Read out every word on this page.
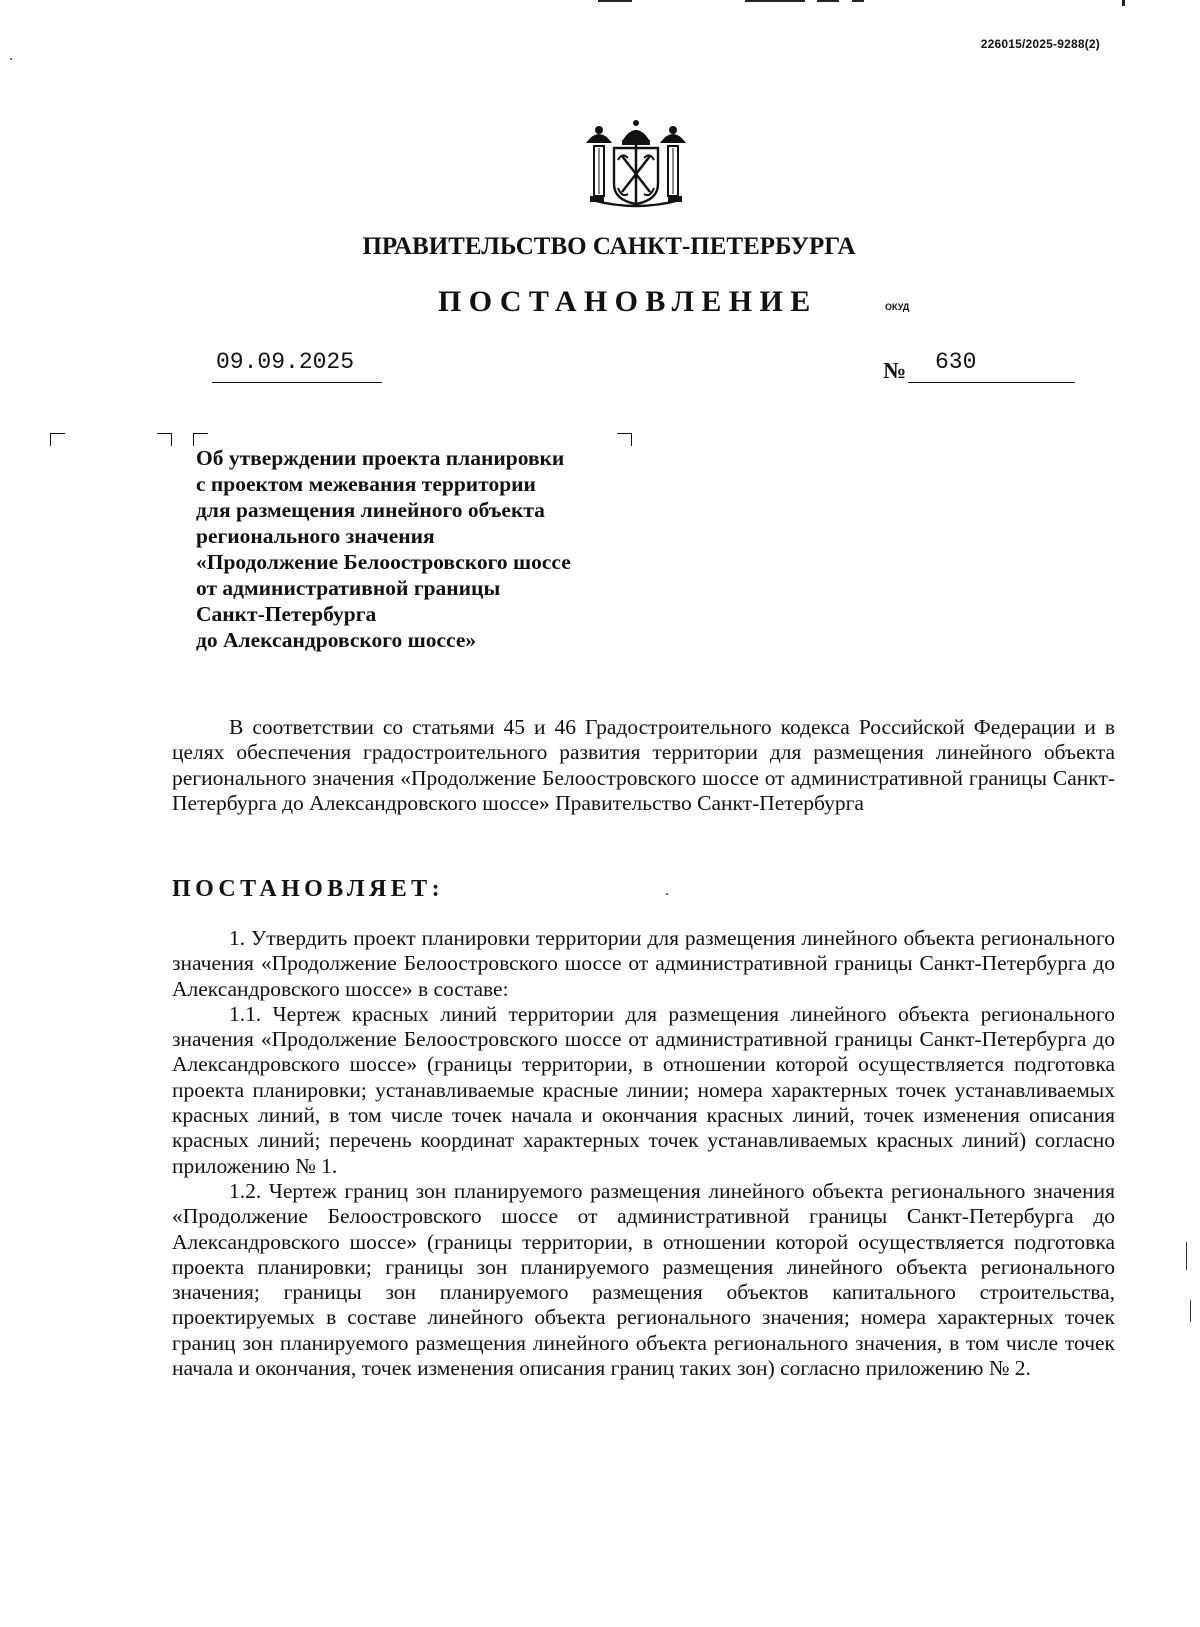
226015/2025-9288(2)
ПРАВИТЕЛЬСТВО САНКТ-ПЕТЕРБУРГА
ПОСТАНОВЛЕНИЕ	ОКУД
09.09.2025	№ 630
Об утверждении проекта планировки
с проектом межевания территории
для размещения линейного объекта
регионального значения
«Продолжение Белоостровского шоссе
от административной границы
Санкт-Петербурга
до Александровского шоссе»

В соответствии со статьями 45 и 46 Градостроительного кодекса Российской Федерации и в целях обеспечения градостроительного развития территории для размещения линейного объекта регионального значения «Продолжение Белоостровского шоссе от административной границы Санкт-Петербурга до Александровского шоссе» Правительство Санкт-Петербурга

ПОСТАНОВЛЯЕТ:

1. Утвердить проект планировки территории для размещения линейного объекта регионального значения «Продолжение Белоостровского шоссе от административной границы Санкт-Петербурга до Александровского шоссе» в составе:

1.1. Чертеж красных линий территории для размещения линейного объекта регионального значения «Продолжение Белоостровского шоссе от административной границы Санкт-Петербурга до Александровского шоссе» (границы территории, в отношении которой осуществляется подготовка проекта планировки; устанавливаемые красные линии; номера характерных точек устанавливаемых красных линий, в том числе точек начала и окончания красных линий, точек изменения описания красных линий; перечень координат характерных точек устанавливаемых красных линий) согласно приложению № 1.

1.2. Чертеж границ зон планируемого размещения линейного объекта регионального значения «Продолжение Белоостровского шоссе от административной границы Санкт-Петербурга до Александровского шоссе» (границы территории, в отношении которой осуществляется подготовка проекта планировки; границы зон планируемого размещения линейного объекта регионального значения; границы зон планируемого размещения объектов капитального строительства, проектируемых в составе линейного объекта регионального значения; номера характерных точек границ зон планируемого размещения линейного объекта регионального значения, в том числе точек начала и окончания, точек изменения описания границ таких зон) согласно приложению № 2.
